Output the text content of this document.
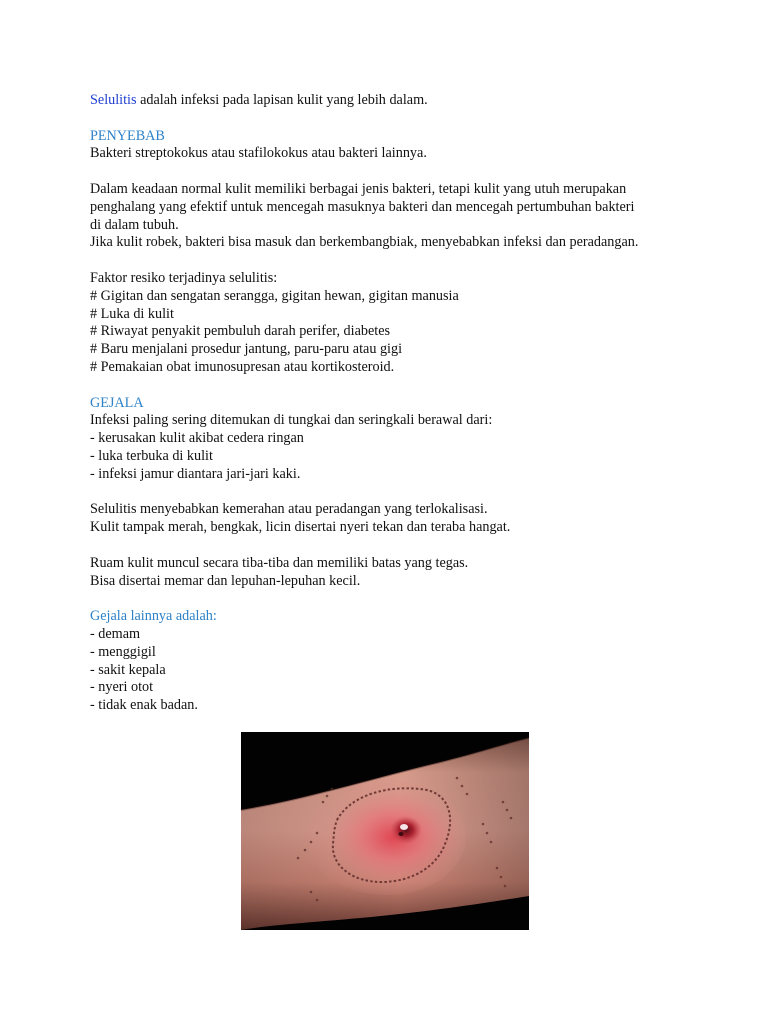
Selulitis adalah infeksi pada lapisan kulit yang lebih dalam.

PENYEBAB

Bakteri streptokokus atau stafilokokus atau bakteri lainnya.

Dalam keadaan normal kulit memiliki berbagai jenis bakteri, tetapi kulit yang utuh merupakan

penghalang yang efektif untuk mencegah masuknya bakteri dan mencegah pertumbuhan bakteri

di dalam tubuh.

Jika kulit robek, bakteri bisa masuk dan berkembangbiak, menyebabkan infeksi dan peradangan.

Faktor resiko terjadinya selulitis:

# Gigitan dan sengatan serangga, gigitan hewan, gigitan manusia

# Luka di kulit

# Riwayat penyakit pembuluh darah perifer, diabetes

# Baru menjalani prosedur jantung, paru-paru atau gigi

# Pemakaian obat imunosupresan atau kortikosteroid.

GEJALA

Infeksi paling sering ditemukan di tungkai dan seringkali berawal dari:

- kerusakan kulit akibat cedera ringan

- luka terbuka di kulit

- infeksi jamur diantara jari-jari kaki.

Selulitis menyebabkan kemerahan atau peradangan yang terlokalisasi.

Kulit tampak merah, bengkak, licin disertai nyeri tekan dan teraba hangat.

Ruam kulit muncul secara tiba-tiba dan memiliki batas yang tegas.

Bisa disertai memar dan lepuhan-lepuhan kecil.

Gejala lainnya adalah:

- demam

- menggigil

- sakit kepala

- nyeri otot

- tidak enak badan.
